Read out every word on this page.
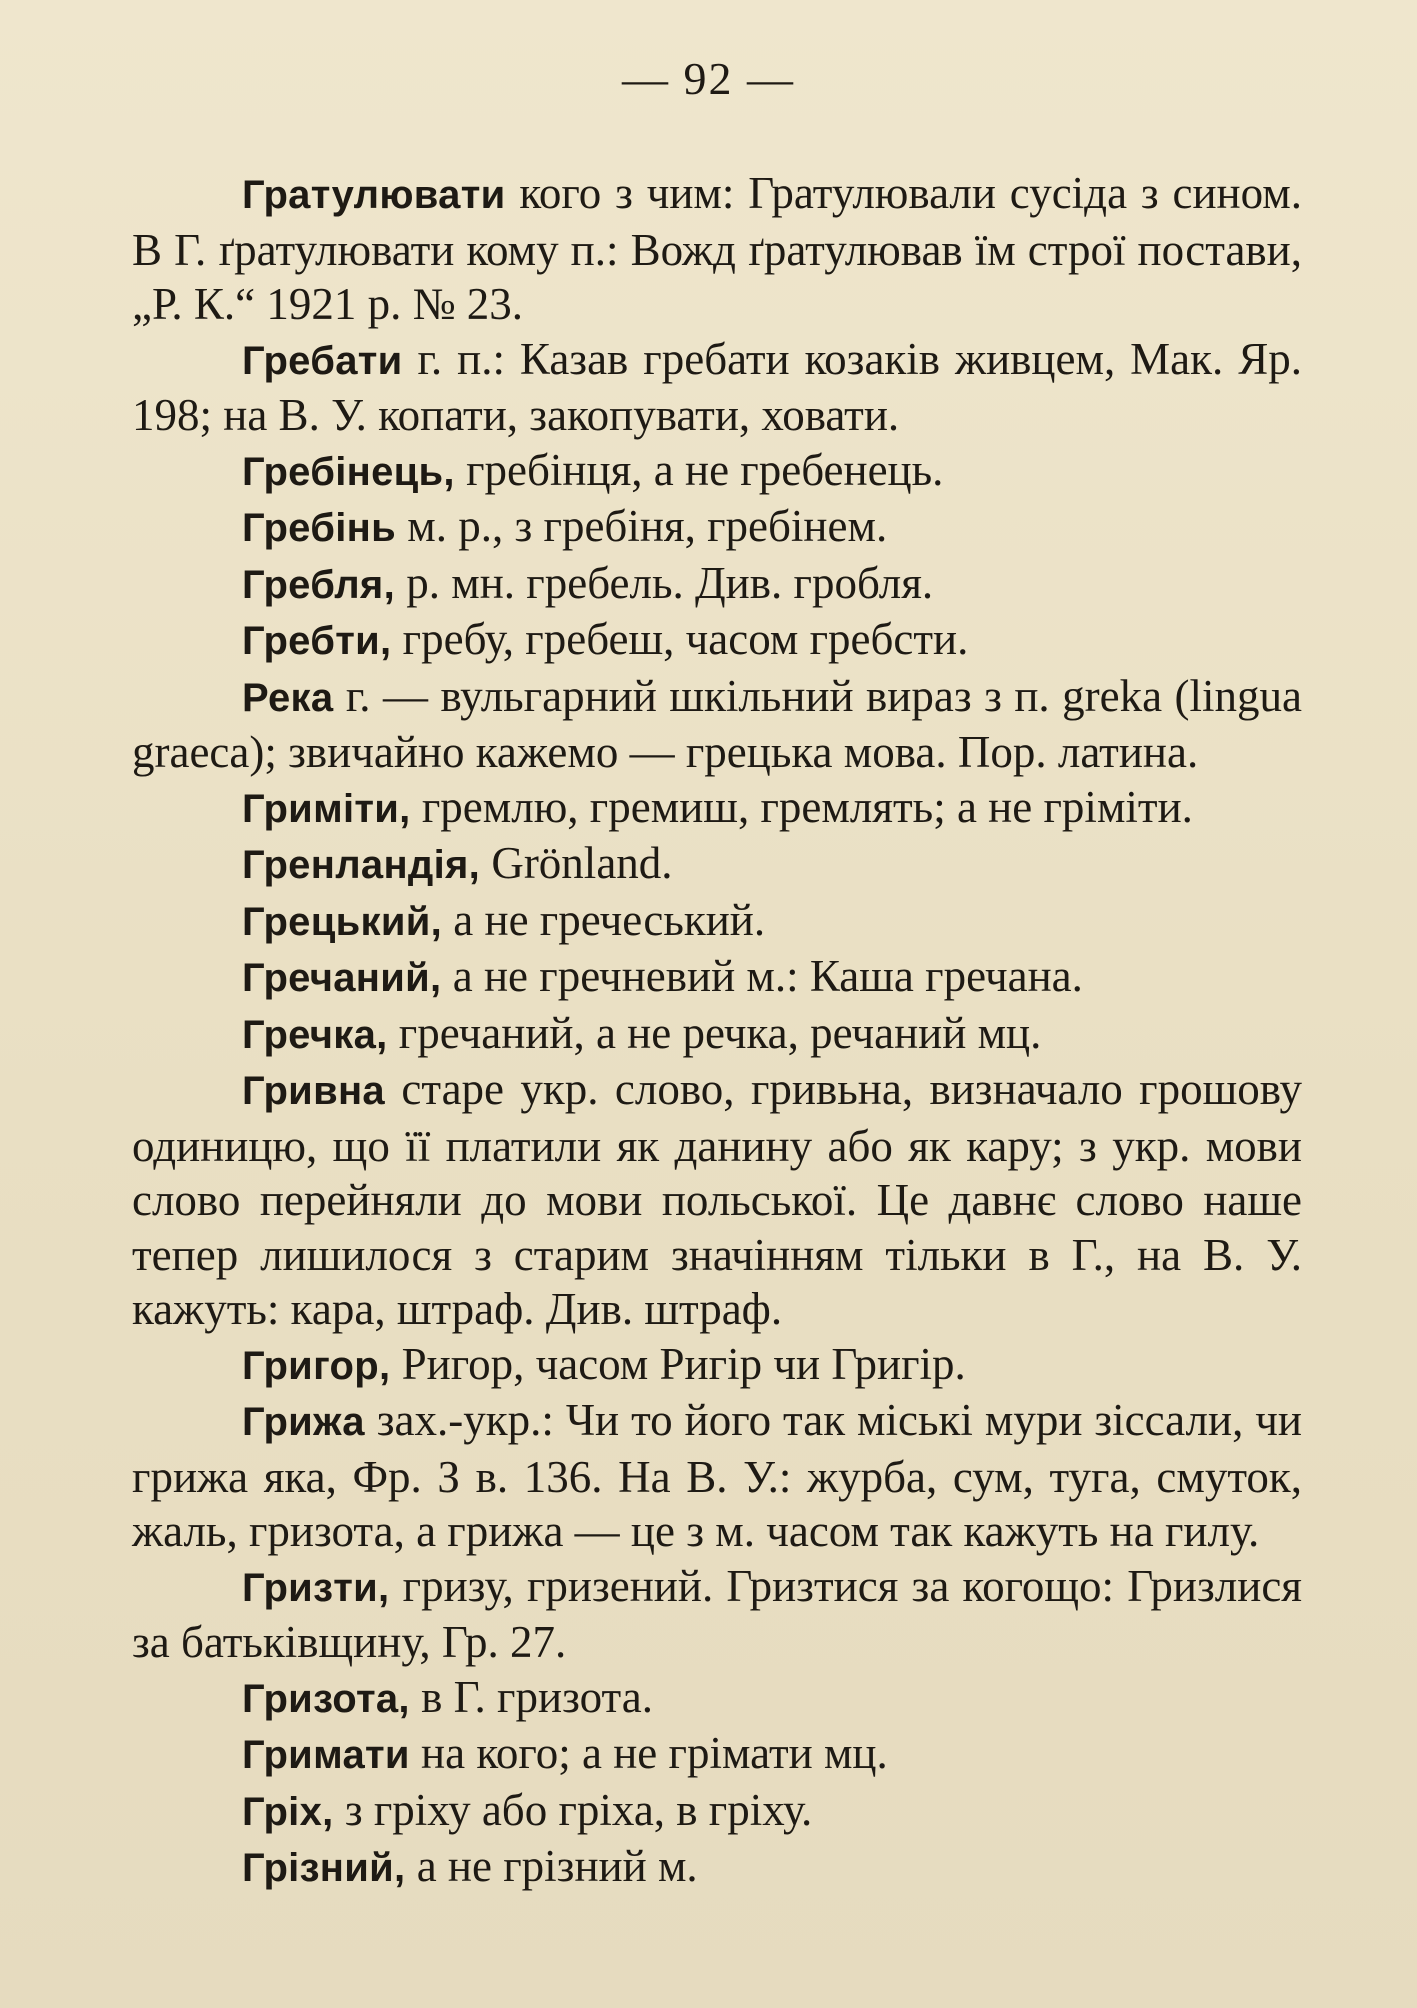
— 92 —

Гратулювати кого з чим: Гратулювали сусіда з сином. В Г. ґратулювати кому п.: Вожд ґратулював їм строї постави, „Р. К.“ 1921 р. № 23.

Гребати г. п.: Казав гребати козаків живцем, Мак. Яр. 198; на В. У. копати, закопувати, ховати.

Гребінець, гребінця, а не гребенець.

Гребінь м. р., з гребіня, гребінем.

Гребля, р. мн. гребель. Див. гробля.

Гребти, гребу, гребеш, часом гребсти.

Река г. — вульгарний шкільний вираз з п. greka (lingua graeca); звичайно кажемо — грецька мова. Пор. латина.

Гриміти, гремлю, гремиш, гремлять; а не гріміти.

Гренландія, Grönland.

Грецький, а не гречеський.

Гречаний, а не гречневий м.: Каша гречана.

Гречка, гречаний, а не речка, речаний мц.

Гривна старе укр. слово, гривьна, визначало грошову одиницю, що її платили як данину або як кару; з укр. мови слово перейняли до мови польської. Це давнє слово наше тепер лишилося з старим значінням тільки в Г., на В. У. кажуть: кара, штраф. Див. штраф.

Григор, Ригор, часом Ригір чи Григір.

Грижа зах.-укр.: Чи то його так міські мури зіссали, чи грижа яка, Фр. З в. 136. На В. У.: журба, сум, туга, смуток, жаль, гризота, а грижа — це з м. часом так кажуть на гилу.

Гризти, гризу, гризений. Гризтися за когощо: Гризлися за батьківщину, Гр. 27.

Гризота, в Г. гризота.

Гримати на кого; а не грімати мц.

Гріх, з гріху або гріха, в гріху.

Грізний, а не грізний м.
